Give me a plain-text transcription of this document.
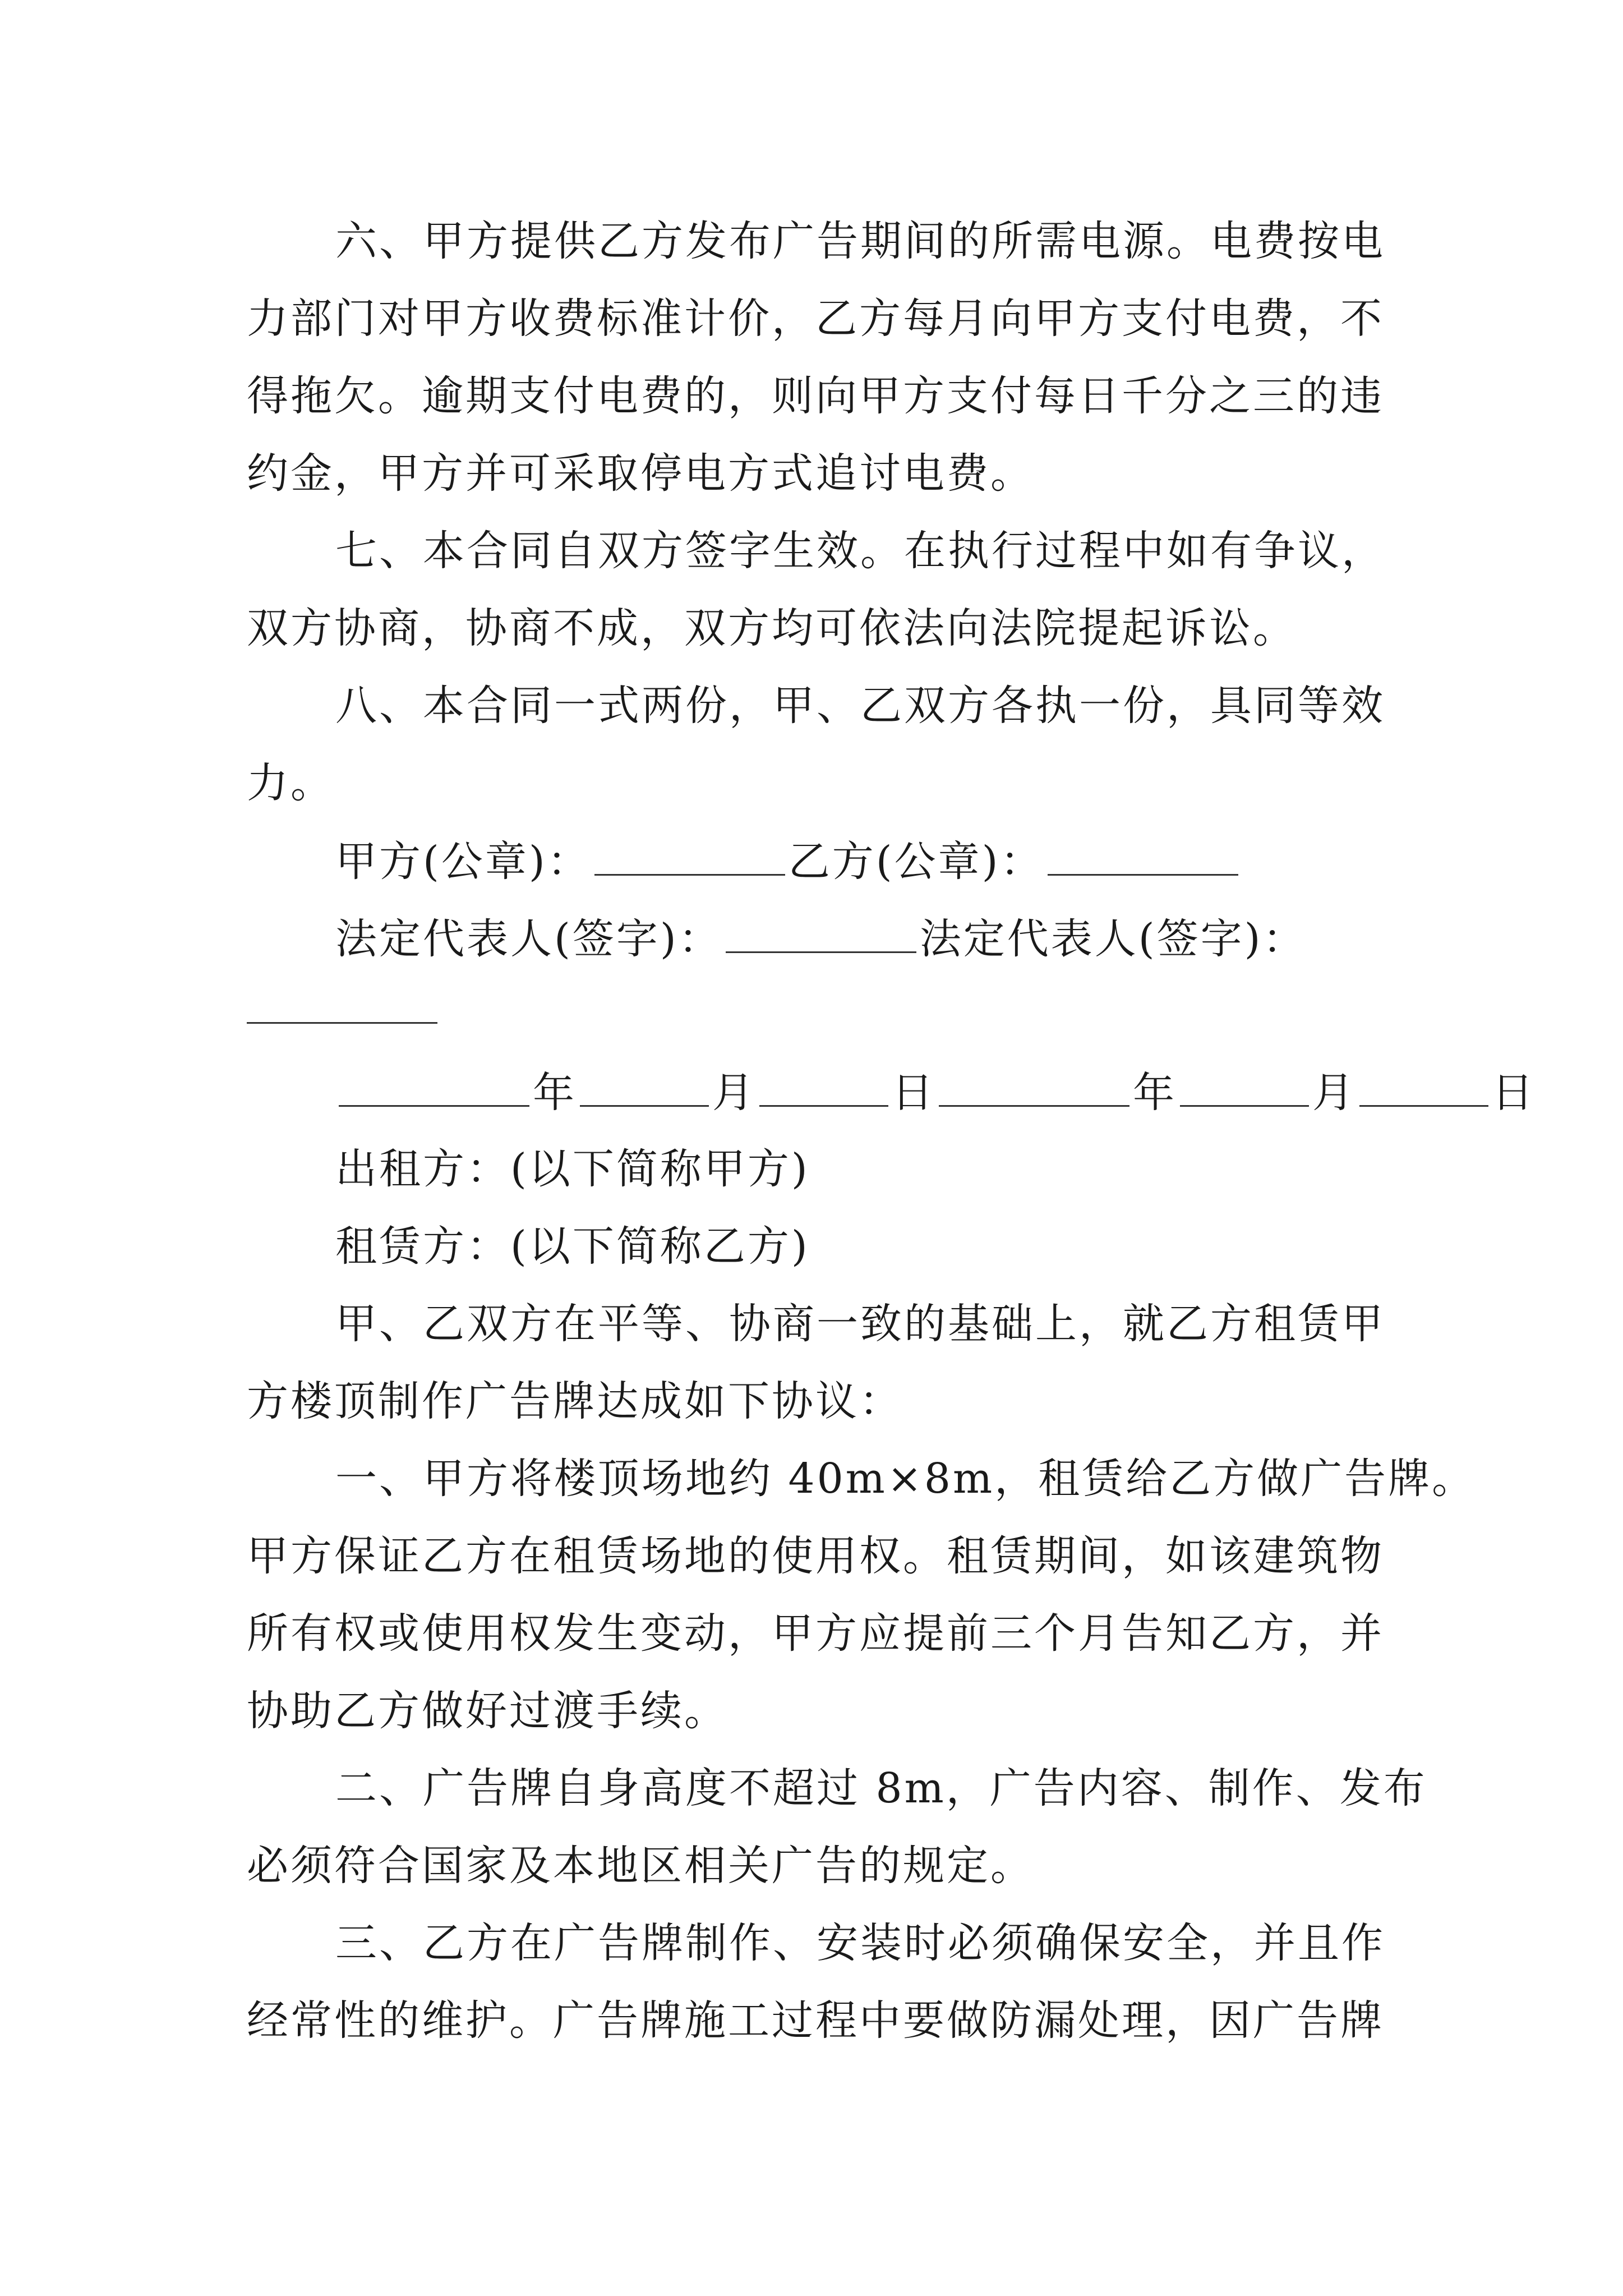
六、甲方提供乙方发布广告期间的所需电源。电费按电
力部门对甲方收费标准计价，乙方每月向甲方支付电费，不
得拖欠。逾期支付电费的，则向甲方支付每日千分之三的违
约金，甲方并可采取停电方式追讨电费。
七、本合同自双方签字生效。在执行过程中如有争议，
双方协商，协商不成，双方均可依法向法院提起诉讼。
八、本合同一式两份，甲、乙双方各执一份，具同等效
力。
甲方(公章)：	乙方(公章)：
法定代表人(签字)：	法定代表人(签字)：
年	月	日	年	月	日
出租方：(以下简称甲方)
租赁方：(以下简称乙方)
甲、乙双方在平等、协商一致的基础上，就乙方租赁甲
方楼顶制作广告牌达成如下协议：
一、甲方将楼顶场地约 40m×8m，租赁给乙方做广告牌。
甲方保证乙方在租赁场地的使用权。租赁期间，如该建筑物
所有权或使用权发生变动，甲方应提前三个月告知乙方，并
协助乙方做好过渡手续。
二、广告牌自身高度不超过 8m，广告内容、制作、发布
必须符合国家及本地区相关广告的规定。
三、乙方在广告牌制作、安装时必须确保安全，并且作
经常性的维护。广告牌施工过程中要做防漏处理，因广告牌
